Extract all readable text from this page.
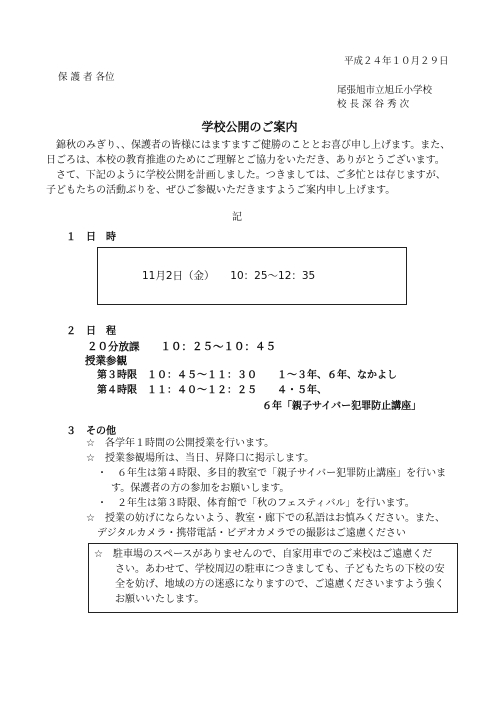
平成２４年１０月２９日
保 護 者 各位
尾張旭市立旭丘小学校
校 長 深 谷 秀 次
学校公開のご案内
　錦秋のみぎり、、保護者の皆様にはますますご健勝のこととお喜び申し上げます。また、
日ごろは、本校の教育推進のためにご理解とご協力をいただき、ありがとうございます。
　さて、下記のように学校公開を計画しました。つきましては、ご多忙とは存じますが、
子どもたちの活動ぶりを、ぜひご参観いただきますようご案内申し上げます。
記
１　日　時
11月2日（金）　　10：25〜12：35
２　日　程
２０分放課　　１０：２５〜１０：４５
授業参観
第３時限　１０：４５〜１１：３０　　１〜３年、６年、なかよし
第４時限　１１：４０〜１２：２５　　４・５年、
６年「親子サイバー犯罪防止講座」
３　その他
☆　各学年１時間の公開授業を行います。
☆　授業参観場所は、当日、昇降口に掲示します。
・　６年生は第４時限、多目的教室で「親子サイバー犯罪防止講座」を行いま
す。保護者の方の参加をお願いします。
・　２年生は第３時限、体育館で「秋のフェスティバル」を行います。
☆　授業の妨げにならないよう、教室・廊下での私語はお慎みください。また、
デジタルカメラ・携帯電話・ビデオカメラでの撮影はご遠慮ください
☆　駐車場のスペースがありませんので、自家用車でのご来校はご遠慮くだ
さい。あわせて、学校周辺の駐車につきましても、子どもたちの下校の安
全を妨げ、地域の方の迷惑になりますので、ご遠慮くださいますよう強く
お願いいたします。
